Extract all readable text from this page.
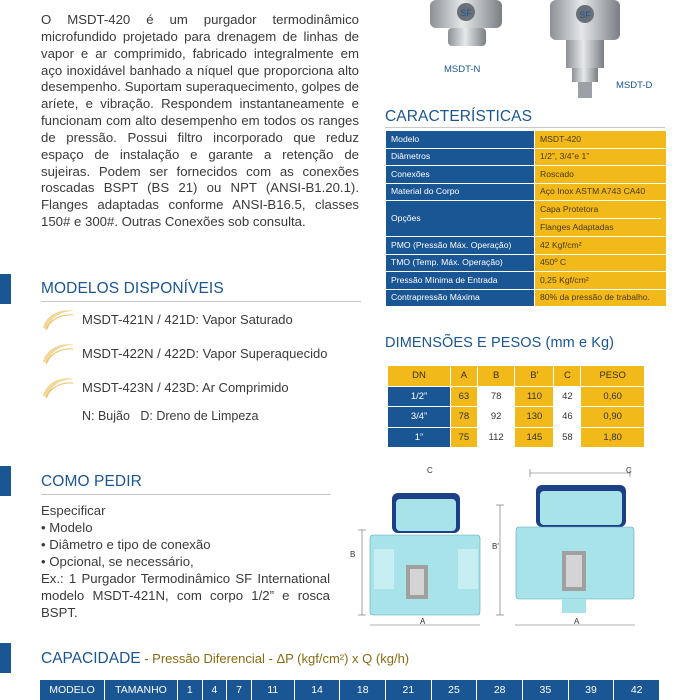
O MSDT-420 é um purgador termodinâmico microfundido projetado para drenagem de linhas de vapor e ar comprimido, fabricado integralmente em aço inoxidável banhado a níquel que proporciona alto desempenho. Suportam superaquecimento, golpes de aríete, e vibração. Respondem instantaneamente e funcionam com alto desempenho em todos os ranges de pressão. Possui filtro incorporado que reduz espaço de instalação e garante a retenção de sujeiras. Podem ser fornecidos com as conexões roscadas BSPT (BS 21) ou NPT (ANSI-B1.20.1). Flanges adaptadas conforme ANSI-B16.5, classes 150# e 300#. Outras Conexões sob consulta.
SF	SF
MSDT-N
MSDT-D
CARACTERÍSTICAS
Modelo	MSDT-420
Diâmetros	1/2”, 3/4”e 1”
Conexões	Roscado
Material do Corpo	Aço Inox ASTM A743 CA40
Opções	Capa Protetora
Flanges Adaptadas

PMO (Pressão Máx. Operação)	42 Kgf/cm²
TMO (Temp. Máx. Operação)	450º C
Pressão Mínima de Entrada	0,25 Kgf/cm²
Contrapressão Máxima	80% da pressão de trabalho.
MODELOS DISPONÍVEIS
MSDT-421N / 421D: Vapor Saturado
MSDT-422N / 422D: Vapor Superaquecido
MSDT-423N / 423D: Ar Comprimido
N: Bujão   D: Dreno de Limpeza
DIMENSÕES E PESOS (mm e Kg)
DN	A	B	B’	C	PESO
1/2”	63	78	110	42	0,60
3/4”	78	92	130	46	0,90
1”	75	112	145	58	1,80
COMO PEDIR
Especificar
• Modelo
• Diâmetro e tipo de conexão
• Opcional, se necessário,
Ex.: 1 Purgador Termodinâmico SF International modelo MSDT-421N, com corpo 1/2” e rosca BSPT.
C	C
B
B'
A	A
CAPACIDADE - Pressão Diferencial - ΔP (kgf/cm²) x Q (kg/h)
MODELO	TAMANHO	1	4	7	11	14	18	21	25	28	35	39	42
